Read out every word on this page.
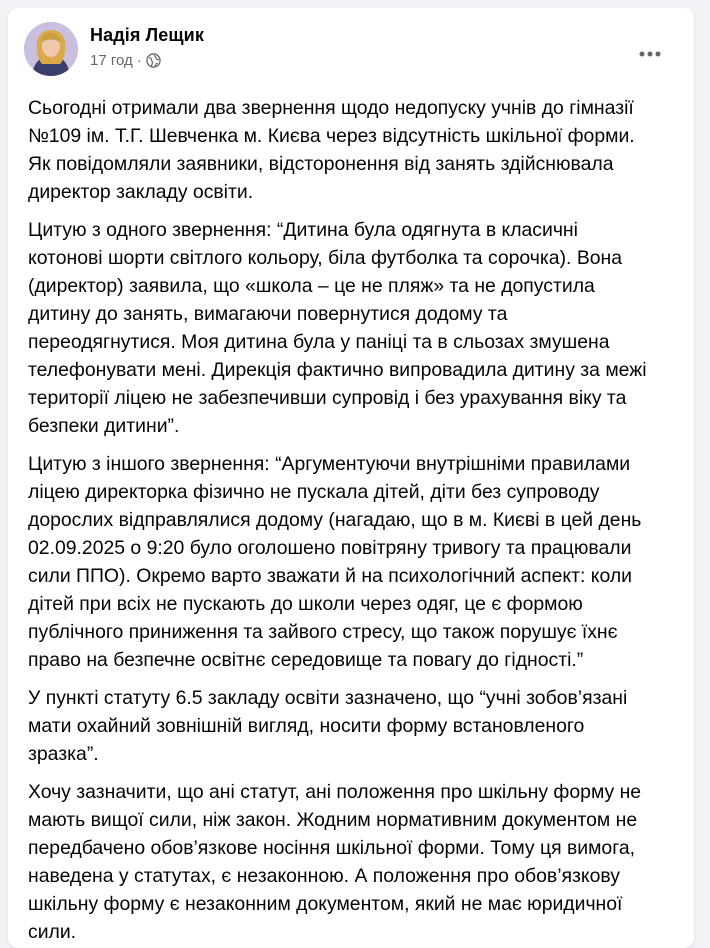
Надія Лещик
17 год ·

Сьогодні отримали два звернення щодо недопуску учнів до гімназії
№109 ім. Т.Г. Шевченка м. Києва через відсутність шкільної форми.
Як повідомляли заявники, відсторонення від занять здійснювала
директор закладу освіти.

Цитую з одного звернення: “Дитина була одягнута в класичні
котонові шорти світлого кольору, біла футболка та сорочка). Вона
(директор) заявила, що «школа – це не пляж» та не допустила
дитину до занять, вимагаючи повернутися додому та
переодягнутися. Моя дитина була у паніці та в сльозах змушена
телефонувати мені. Дирекція фактично випровадила дитину за межі
території ліцею не забезпечивши супровід і без урахування віку та
безпеки дитини”.

Цитую з іншого звернення: “Аргументуючи внутрішніми правилами
ліцею директорка фізично не пускала дітей, діти без супроводу
дорослих відправлялися додому (нагадаю, що в м. Києві в цей день
02.09.2025 о 9:20 було оголошено повітряну тривогу та працювали
сили ППО). Окремо варто зважати й на психологічний аспект: коли
дітей при всіх не пускають до школи через одяг, це є формою
публічного приниження та зайвого стресу, що також порушує їхнє
право на безпечне освітнє середовище та повагу до гідності.”

У пункті статуту 6.5 закладу освіти зазначено, що “учні зобов’язані
мати охайний зовнішній вигляд, носити форму встановленого
зразка”.

Хочу зазначити, що ані статут, ані положення про шкільну форму не
мають вищої сили, ніж закон. Жодним нормативним документом не
передбачено обов’язкове носіння шкільної форми. Тому ця вимога,
наведена у статутах, є незаконною. А положення про обов’язкову
шкільну форму є незаконним документом, який не має юридичної
сили.
